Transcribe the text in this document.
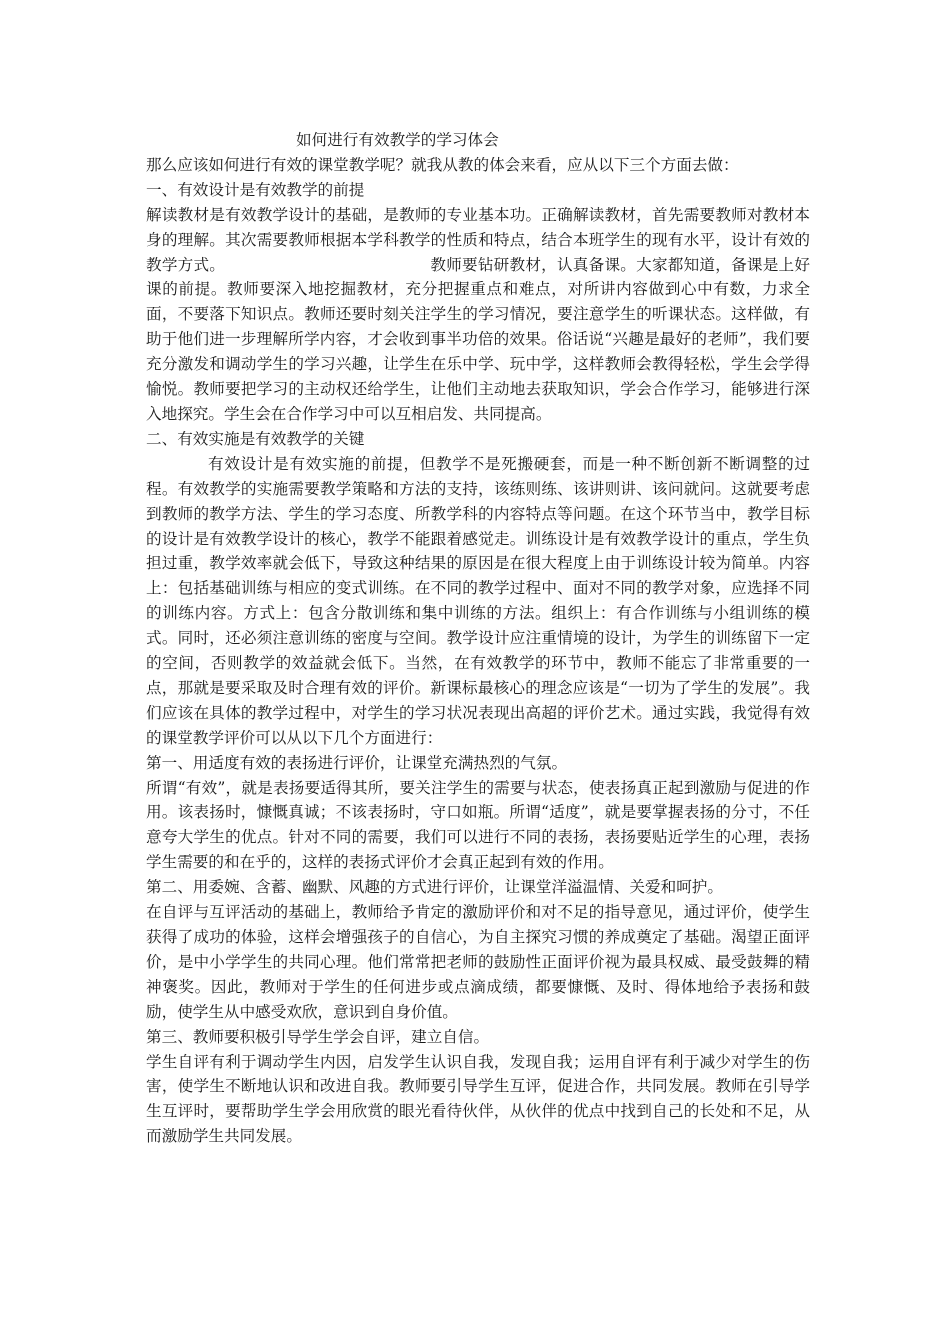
如何进行有效教学的学习体会

那么应该如何进行有效的课堂教学呢？就我从教的体会来看，应从以下三个方面去做：

一、有效设计是有效教学的前提

解读教材是有效教学设计的基础，是教师的专业基本功。正确解读教材，首先需要教师对教材本身的理解。其次需要教师根据本学科教学的性质和特点，结合本班学生的现有水平，设计有效的教学方式。	教师要钻研教材，认真备课。大家都知道，备课是上好课的前提。教师要深入地挖掘教材，充分把握重点和难点，对所讲内容做到心中有数，力求全面，不要落下知识点。教师还要时刻关注学生的学习情况，要注意学生的听课状态。这样做，有助于他们进一步理解所学内容，才会收到事半功倍的效果。俗话说“兴趣是最好的老师”，我们要充分激发和调动学生的学习兴趣，让学生在乐中学、玩中学，这样教师会教得轻松，学生会学得愉悦。教师要把学习的主动权还给学生，让他们主动地去获取知识，学会合作学习，能够进行深入地探究。学生会在合作学习中可以互相启发、共同提高。

二、有效实施是有效教学的关键

有效设计是有效实施的前提，但教学不是死搬硬套，而是一种不断创新不断调整的过程。有效教学的实施需要教学策略和方法的支持，该练则练、该讲则讲、该问就问。这就要考虑到教师的教学方法、学生的学习态度、所教学科的内容特点等问题。在这个环节当中，教学目标的设计是有效教学设计的核心，教学不能跟着感觉走。训练设计是有效教学设计的重点，学生负担过重，教学效率就会低下，导致这种结果的原因是在很大程度上由于训练设计较为简单。内容上：包括基础训练与相应的变式训练。在不同的教学过程中、面对不同的教学对象，应选择不同的训练内容。方式上：包含分散训练和集中训练的方法。组织上：有合作训练与小组训练的模式。同时，还必须注意训练的密度与空间。教学设计应注重情境的设计，为学生的训练留下一定的空间，否则教学的效益就会低下。当然，在有效教学的环节中，教师不能忘了非常重要的一点，那就是要采取及时合理有效的评价。新课标最核心的理念应该是“一切为了学生的发展”。我们应该在具体的教学过程中，对学生的学习状况表现出高超的评价艺术。通过实践，我觉得有效的课堂教学评价可以从以下几个方面进行：

第一、用适度有效的表扬进行评价，让课堂充满热烈的气氛。

所谓“有效”，就是表扬要适得其所，要关注学生的需要与状态，使表扬真正起到激励与促进的作用。该表扬时，慷慨真诚；不该表扬时，守口如瓶。所谓“适度”，就是要掌握表扬的分寸，不任意夸大学生的优点。针对不同的需要，我们可以进行不同的表扬，表扬要贴近学生的心理，表扬学生需要的和在乎的，这样的表扬式评价才会真正起到有效的作用。

第二、用委婉、含蓄、幽默、风趣的方式进行评价，让课堂洋溢温情、关爱和呵护。

在自评与互评活动的基础上，教师给予肯定的激励评价和对不足的指导意见，通过评价，使学生获得了成功的体验，这样会增强孩子的自信心，为自主探究习惯的养成奠定了基础。渴望正面评价，是中小学学生的共同心理。他们常常把老师的鼓励性正面评价视为最具权威、最受鼓舞的精神褒奖。因此，教师对于学生的任何进步或点滴成绩，都要慷慨、及时、得体地给予表扬和鼓励，使学生从中感受欢欣，意识到自身价值。

第三、教师要积极引导学生学会自评，建立自信。

学生自评有利于调动学生内因，启发学生认识自我，发现自我；运用自评有利于减少对学生的伤害，使学生不断地认识和改进自我。教师要引导学生互评，促进合作，共同发展。教师在引导学生互评时，要帮助学生学会用欣赏的眼光看待伙伴，从伙伴的优点中找到自己的长处和不足，从而激励学生共同发展。
